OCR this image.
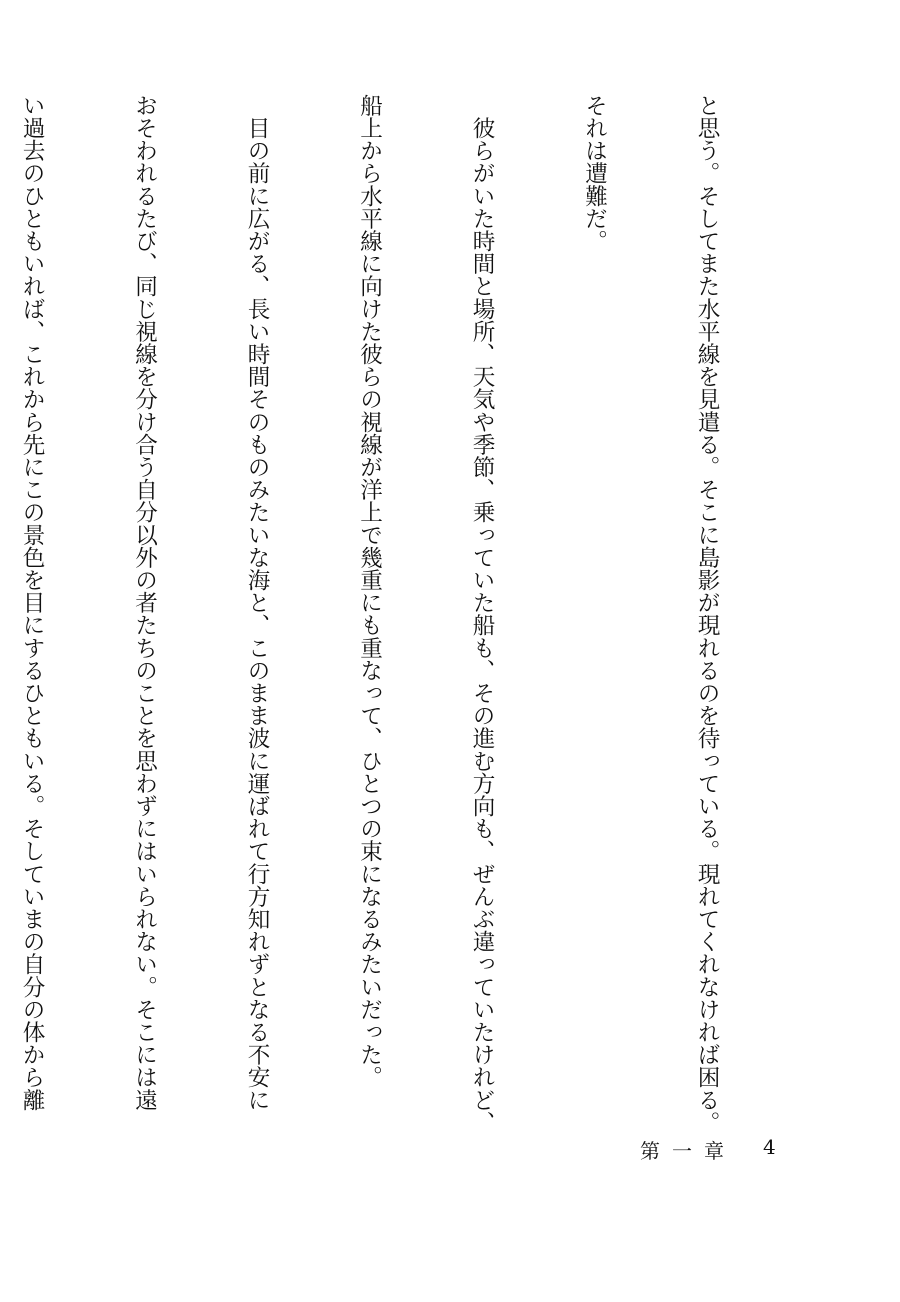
と思う。そしてまた水平線を見遣る。そこに島影が現れるのを待っている。現れてくれなければ困る。

それは遭難だ。

　彼らがいた時間と場所、天気や季節、乗っていた船も、その進む方向も、ぜんぶ違っていたけれど、

船上から水平線に向けた彼らの視線が洋上で幾重にも重なって、ひとつの束になるみたいだった。

　目の前に広がる、長い時間そのものみたいな海と、このまま波に運ばれて行方知れずとなる不安に

おそわれるたび、同じ視線を分け合う自分以外の者たちのことを思わずにはいられない。そこには遠

い過去のひともいれば、これから先にこの景色を目にするひともいる。そしていまの自分の体から離

第一章 4
